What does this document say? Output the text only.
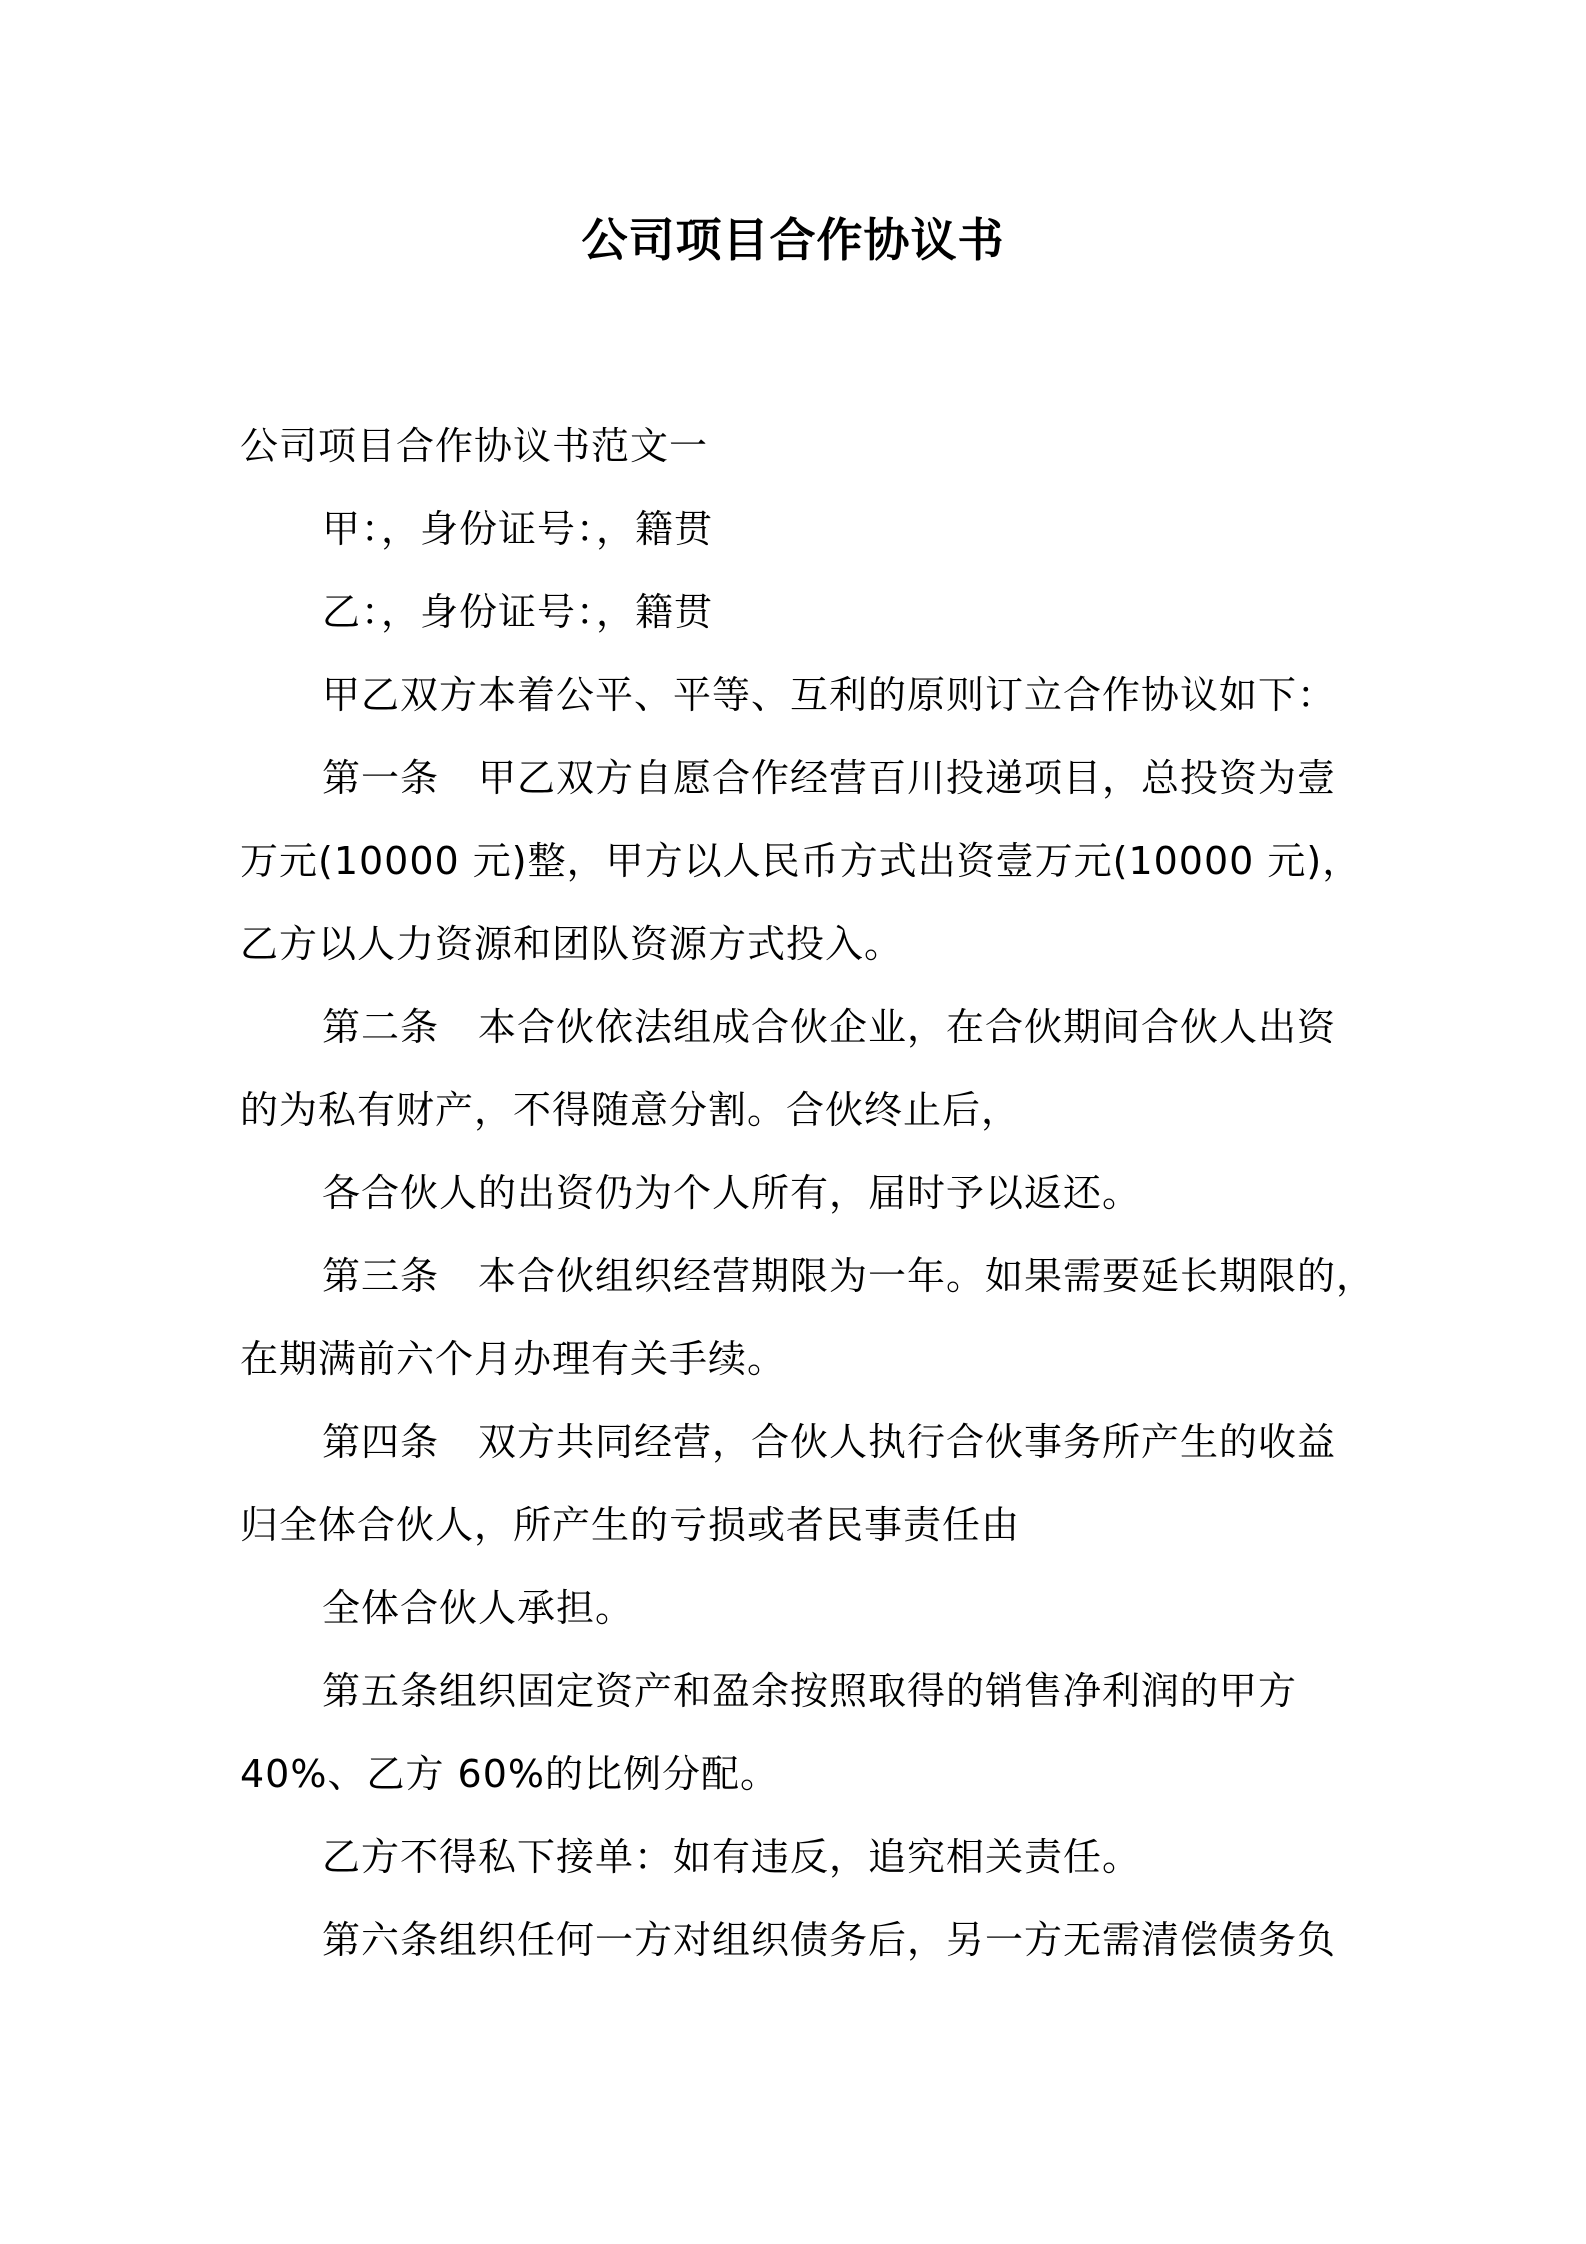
公司项目合作协议书
公司项目合作协议书范文一
甲：，身份证号：，籍贯
乙：，身份证号：，籍贯
甲乙双方本着公平、平等、互利的原则订立合作协议如下：
第一条　甲乙双方自愿合作经营百川投递项目，总投资为壹
万元(10000 元)整，甲方以人民币方式出资壹万元(10000 元)，
乙方以人力资源和团队资源方式投入。
第二条　本合伙依法组成合伙企业，在合伙期间合伙人出资
的为私有财产，不得随意分割。合伙终止后，
各合伙人的出资仍为个人所有，届时予以返还。
第三条　本合伙组织经营期限为一年。如果需要延长期限的，
在期满前六个月办理有关手续。
第四条　双方共同经营，合伙人执行合伙事务所产生的收益
归全体合伙人，所产生的亏损或者民事责任由
全体合伙人承担。
第五条组织固定资产和盈余按照取得的销售净利润的甲方
40%、乙方 60%的比例分配。
乙方不得私下接单：如有违反，追究相关责任。
第六条组织任何一方对组织债务后，另一方无需清偿债务负
